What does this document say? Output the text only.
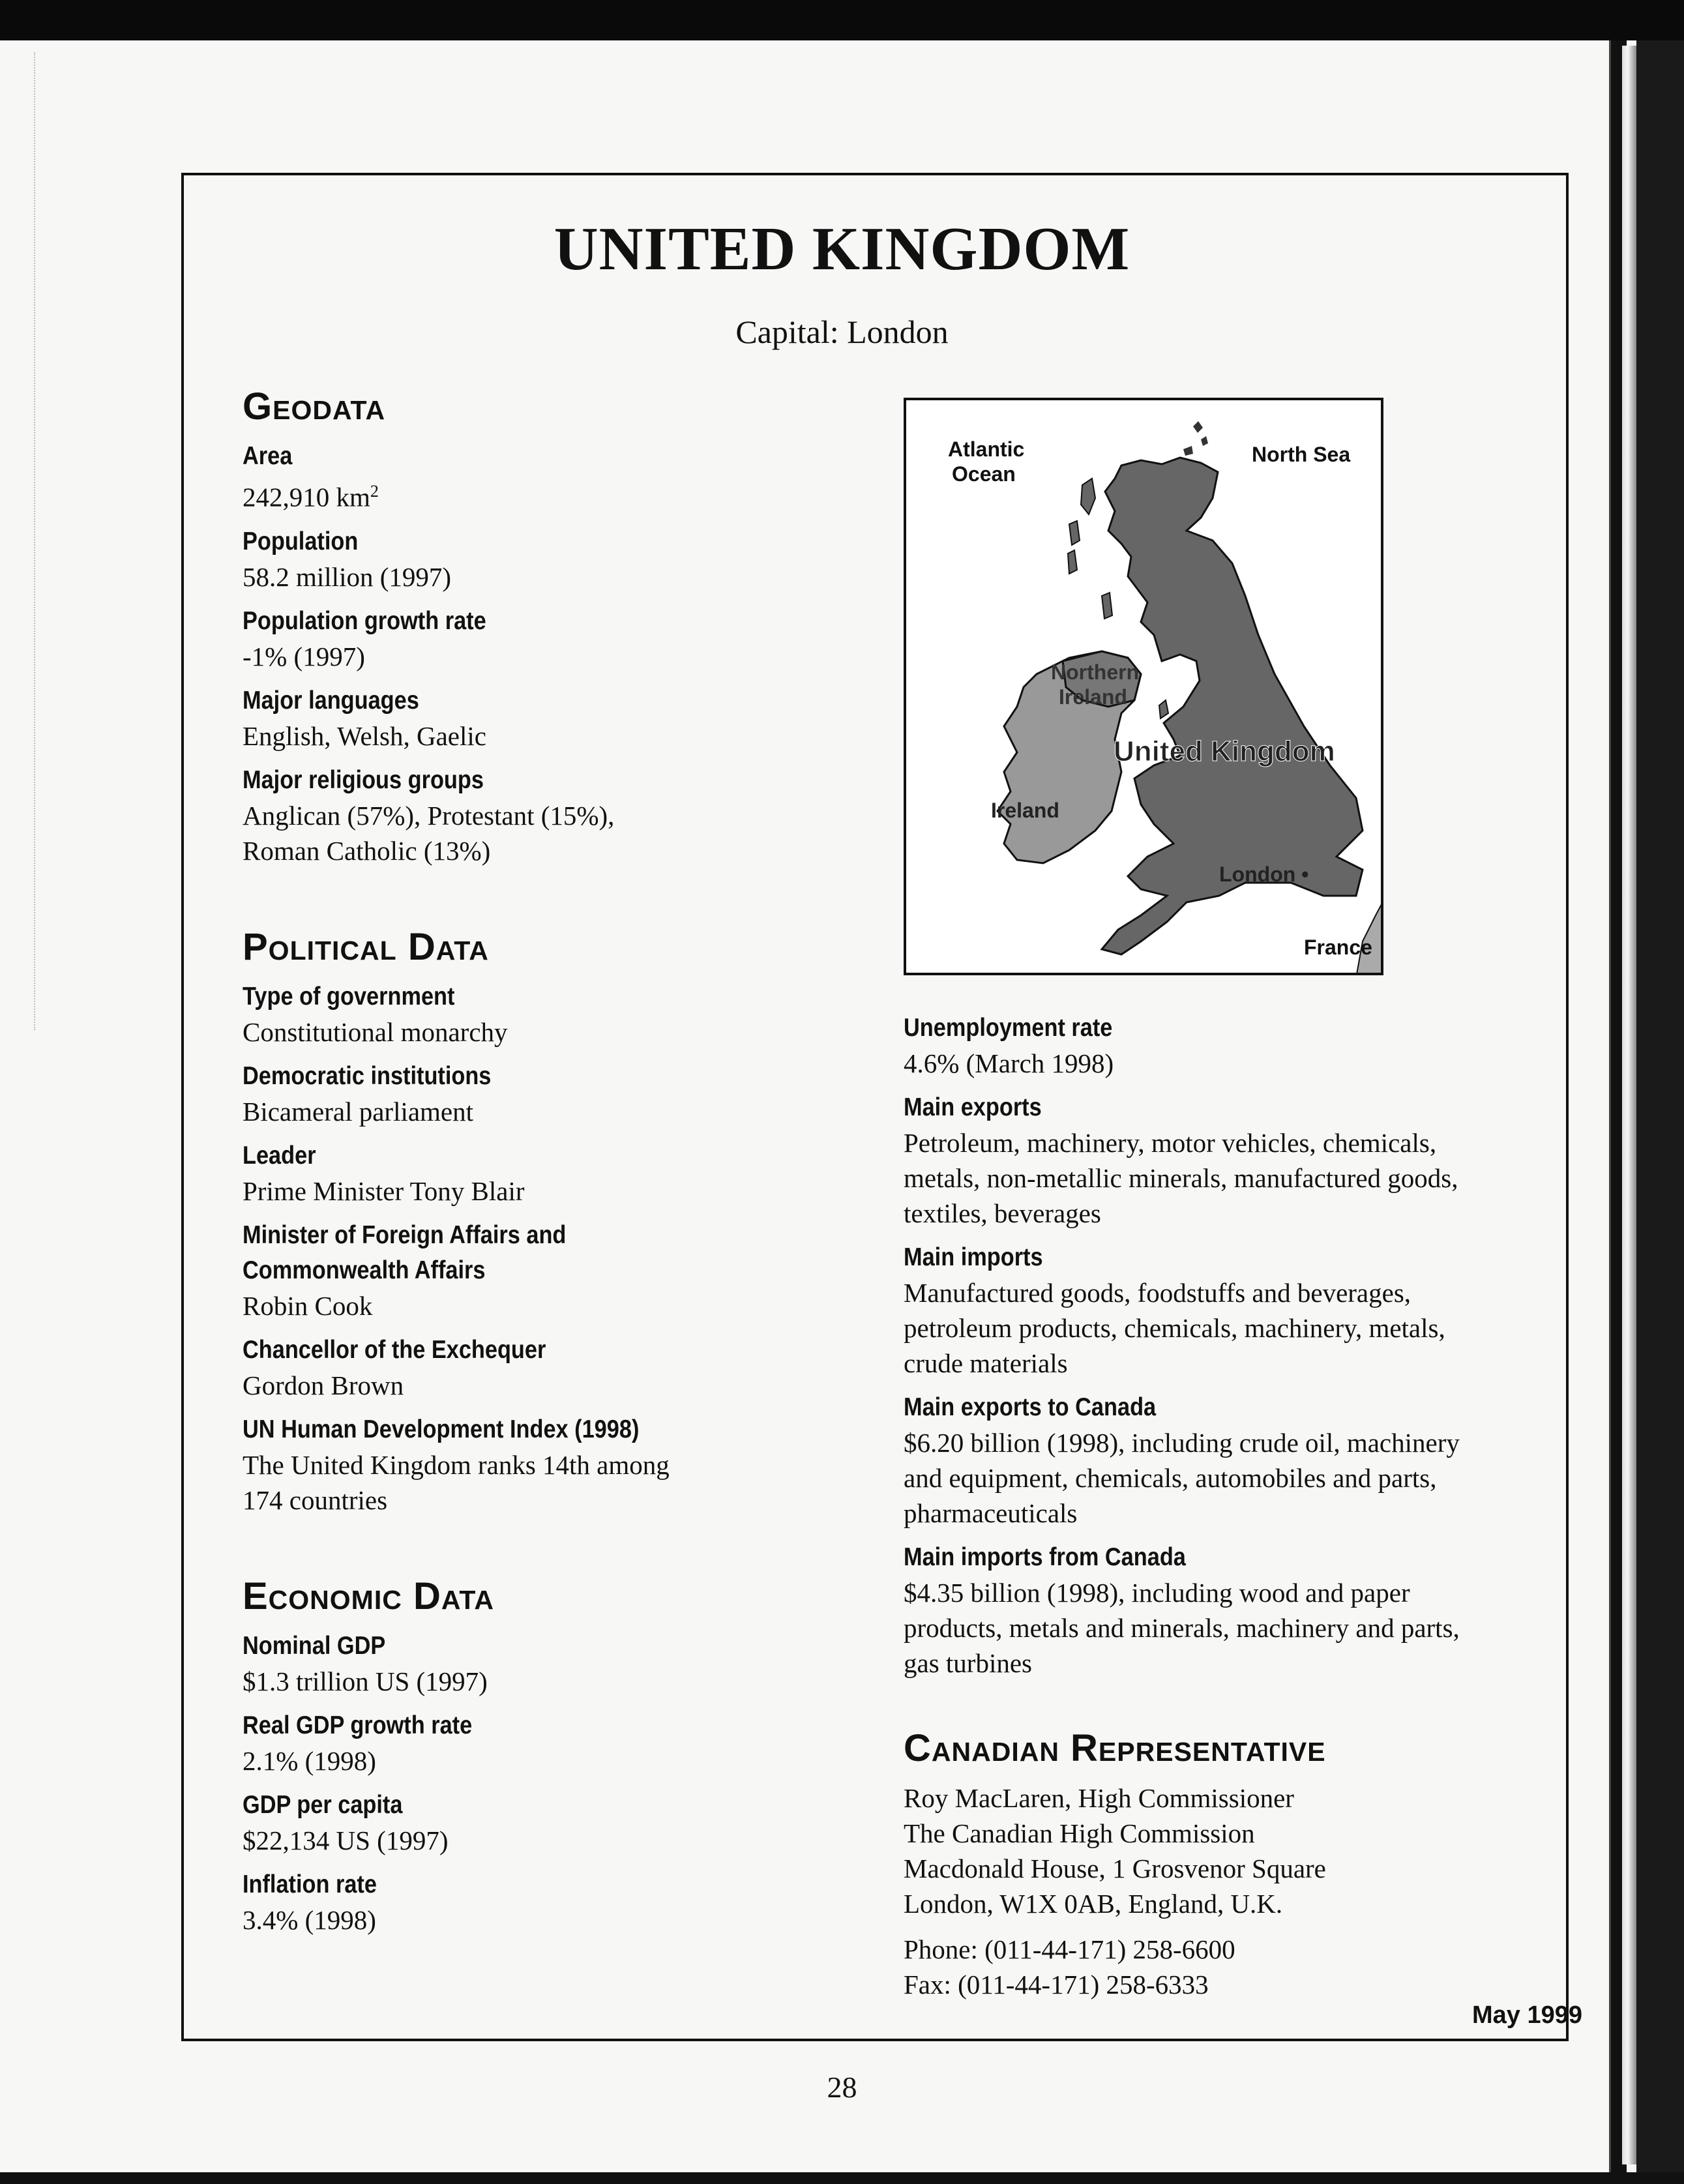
UNITED KINGDOM
Capital: London
Geodata
Area
242,910 $km^2$
Population
58.2 million (1997)
Population growth rate
-1% (1997)
Major languages
English, Welsh, Gaelic
Major religious groups
Anglican (57%), Protestant (15%),
Roman Catholic (13%)
Political Data
Type of government
Constitutional monarchy
Democratic institutions
Bicameral parliament
Leader
Prime Minister Tony Blair
Minister of Foreign Affairs and
Commonwealth Affairs
Robin Cook
Chancellor of the Exchequer
Gordon Brown
UN Human Development Index (1998)
The United Kingdom ranks 14th among
174 countries
Economic Data
Nominal GDP
$1.3 trillion US (1997)
Real GDP growth rate
2.1% (1998)
GDP per capita
$22,134 US (1997)
Inflation rate
3.4% (1998)
Atlantic
Ocean
North Sea
Northern
Ireland
United Kingdom
Ireland
London •
France
Unemployment rate
4.6% (March 1998)
Main exports
Petroleum, machinery, motor vehicles, chemicals,
metals, non-metallic minerals, manufactured goods,
textiles, beverages
Main imports
Manufactured goods, foodstuffs and beverages,
petroleum products, chemicals, machinery, metals,
crude materials
Main exports to Canada
$6.20 billion (1998), including crude oil, machinery
and equipment, chemicals, automobiles and parts,
pharmaceuticals
Main imports from Canada
$4.35 billion (1998), including wood and paper
products, metals and minerals, machinery and parts,
gas turbines
Canadian Representative
Roy MacLaren, High Commissioner
The Canadian High Commission
Macdonald House, 1 Grosvenor Square
London, W1X 0AB, England, U.K.
Phone: (011-44-171) 258-6600
Fax: (011-44-171) 258-6333
May 1999
28
